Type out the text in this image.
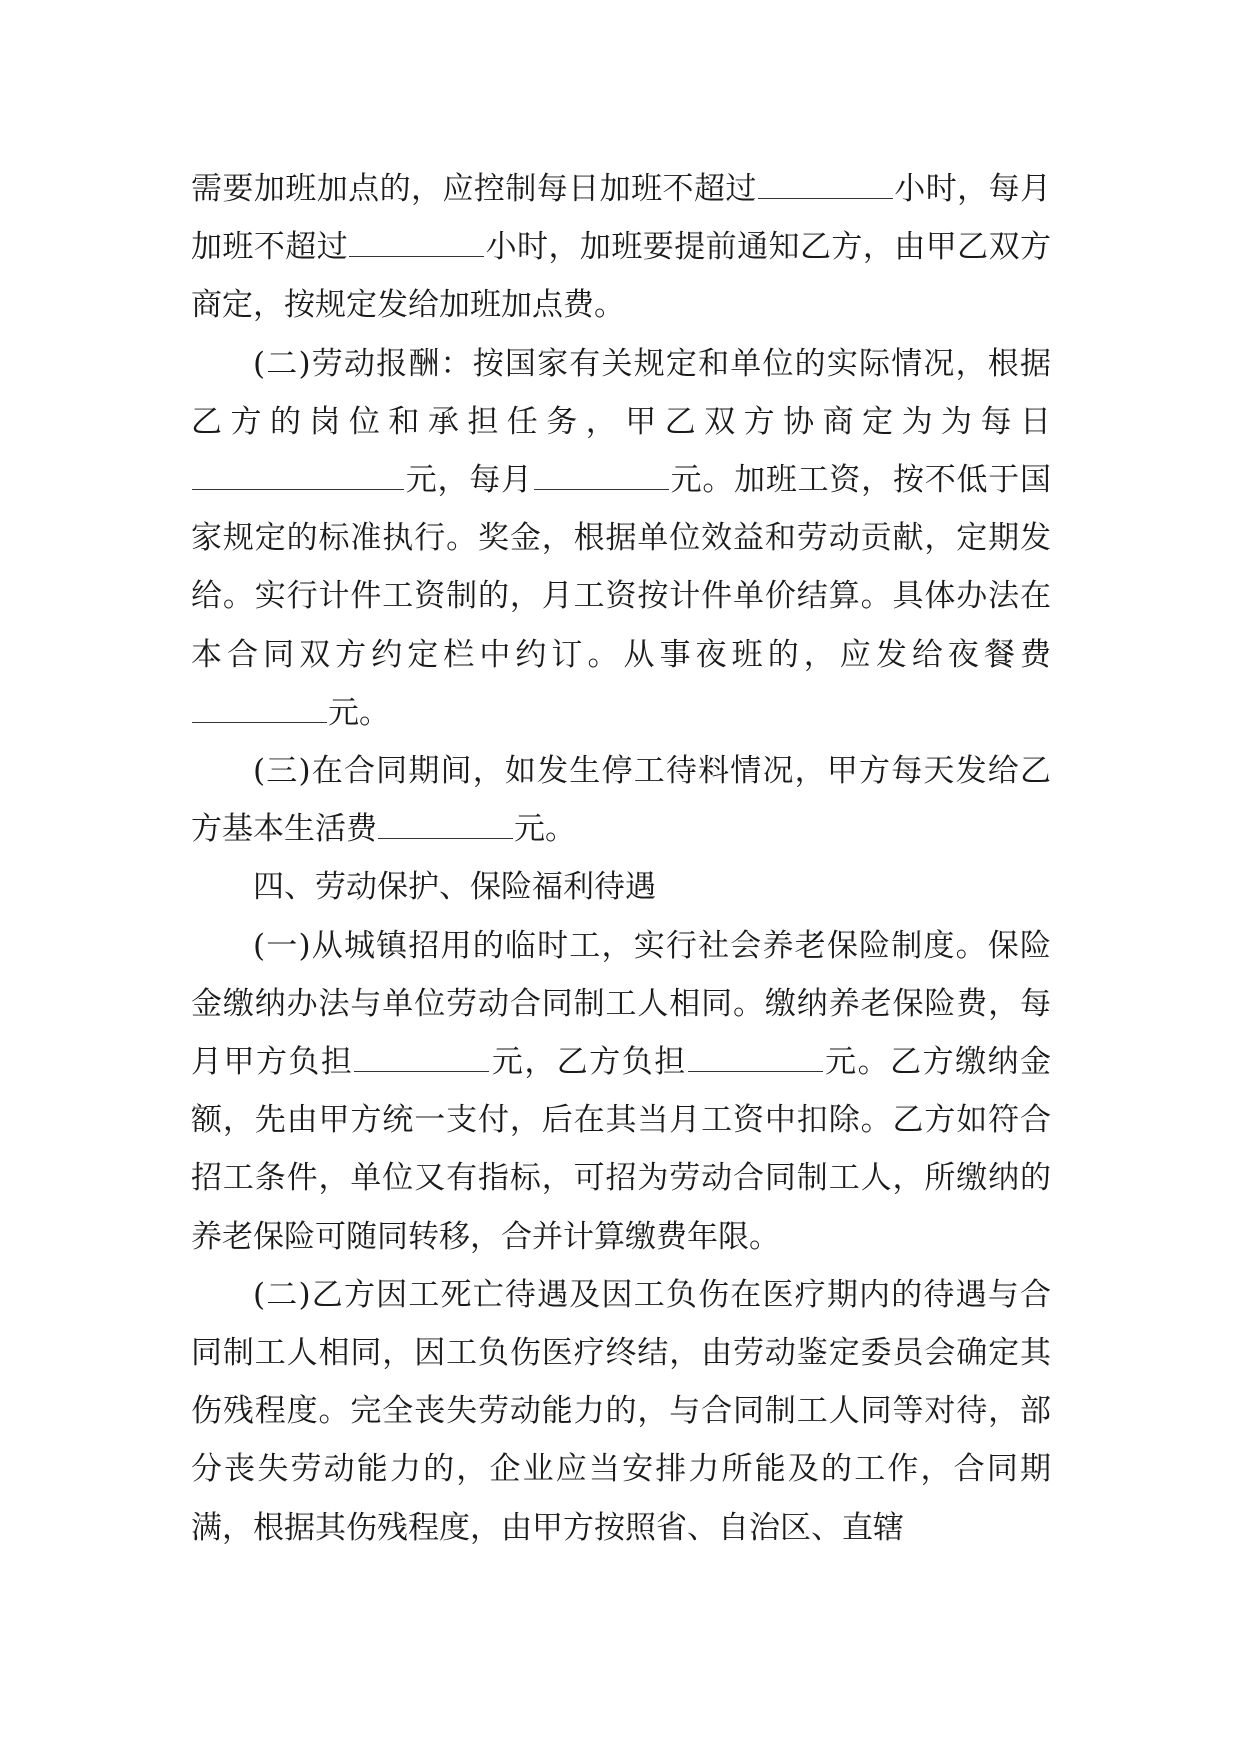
需要加班加点的，应控制每日加班不超过	小时，每月加班不超过	小时，加班要提前通知乙方，由甲乙双方商定，按规定发给加班加点费。

(二)劳动报酬：按国家有关规定和单位的实际情况，根据乙方的岗位和承担任务，甲乙双方协商定为为每日元，每月	元。加班工资，按不低于国家规定的标准执行。奖金，根据单位效益和劳动贡献，定期发给。实行计件工资制的，月工资按计件单价结算。具体办法在本合同双方约定栏中约订。从事夜班的，应发给夜餐费元。

(三)在合同期间，如发生停工待料情况，甲方每天发给乙方基本生活费	元。

四、劳动保护、保险福利待遇

(一)从城镇招用的临时工，实行社会养老保险制度。保险金缴纳办法与单位劳动合同制工人相同。缴纳养老保险费，每月甲方负担	元，乙方负担	元。乙方缴纳金额，先由甲方统一支付，后在其当月工资中扣除。乙方如符合招工条件，单位又有指标，可招为劳动合同制工人，所缴纳的养老保险可随同转移，合并计算缴费年限。

(二)乙方因工死亡待遇及因工负伤在医疗期内的待遇与合同制工人相同，因工负伤医疗终结，由劳动鉴定委员会确定其伤残程度。完全丧失劳动能力的，与合同制工人同等对待，部分丧失劳动能力的，企业应当安排力所能及的工作，合同期满，根据其伤残程度，由甲方按照省、自治区、直辖
